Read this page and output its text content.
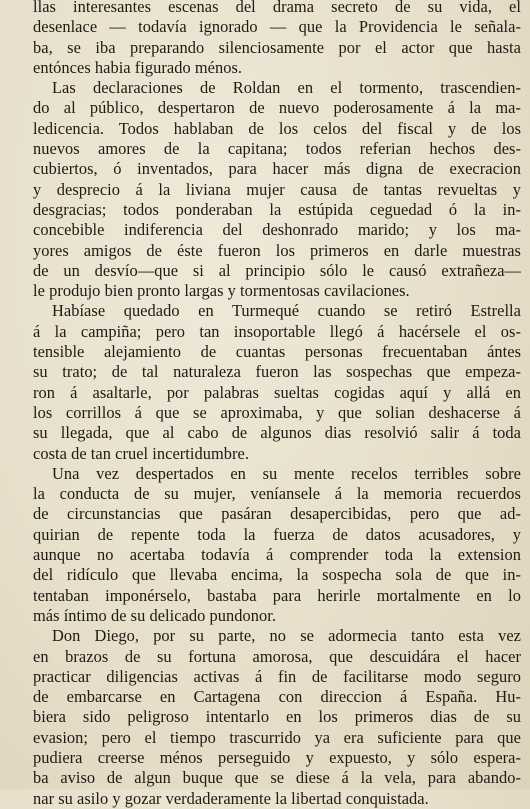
llas interesantes escenas del drama secreto de su vida, el
desenlace — todavía ignorado — que la Providencia le señala-
ba, se iba preparando silenciosamente por el actor que hasta
entónces habia figurado ménos.
Las declaraciones de Roldan en el tormento, trascendien-
do al público, despertaron de nuevo poderosamente á la ma-
ledicencia. Todos hablaban de los celos del fiscal y de los
nuevos amores de la capitana; todos referian hechos des-
cubiertos, ó inventados, para hacer más digna de execracion
y desprecio á la liviana mujer causa de tantas revueltas y
desgracias; todos ponderaban la estúpida ceguedad ó la in-
concebible indiferencia del deshonrado marido; y los ma-
yores amigos de éste fueron los primeros en darle muestras
de un desvío—que si al principio sólo le causó extrañeza—
le produjo bien pronto largas y tormentosas cavilaciones.
Habíase quedado en Turmequé cuando se retiró Estrella
á la campiña; pero tan insoportable llegó á hacérsele el os-
tensible alejamiento de cuantas personas frecuentaban ántes
su trato; de tal naturaleza fueron las sospechas que empeza-
ron á asaltarle, por palabras sueltas cogidas aquí y allá en
los corrillos á que se aproximaba, y que solian deshacerse á
su llegada, que al cabo de algunos dias resolvió salir á toda
costa de tan cruel incertidumbre.
Una vez despertados en su mente recelos terribles sobre
la conducta de su mujer, veníansele á la memoria recuerdos
de circunstancias que pasáran desapercibidas, pero que ad-
quirian de repente toda la fuerza de datos acusadores, y
aunque no acertaba todavía á comprender toda la extension
del ridículo que llevaba encima, la sospecha sola de que in-
tentaban imponérselo, bastaba para herirle mortalmente en lo
más íntimo de su delicado pundonor.
Don Diego, por su parte, no se adormecia tanto esta vez
en brazos de su fortuna amorosa, que descuidára el hacer
practicar diligencias activas á fin de facilitarse modo seguro
de embarcarse en Cartagena con direccion á España. Hu-
biera sido peligroso intentarlo en los primeros dias de su
evasion; pero el tiempo trascurrido ya era suficiente para que
pudiera creerse ménos perseguido y expuesto, y sólo espera-
ba aviso de algun buque que se diese á la vela, para abando-
nar su asilo y gozar verdaderamente la libertad conquistada.
